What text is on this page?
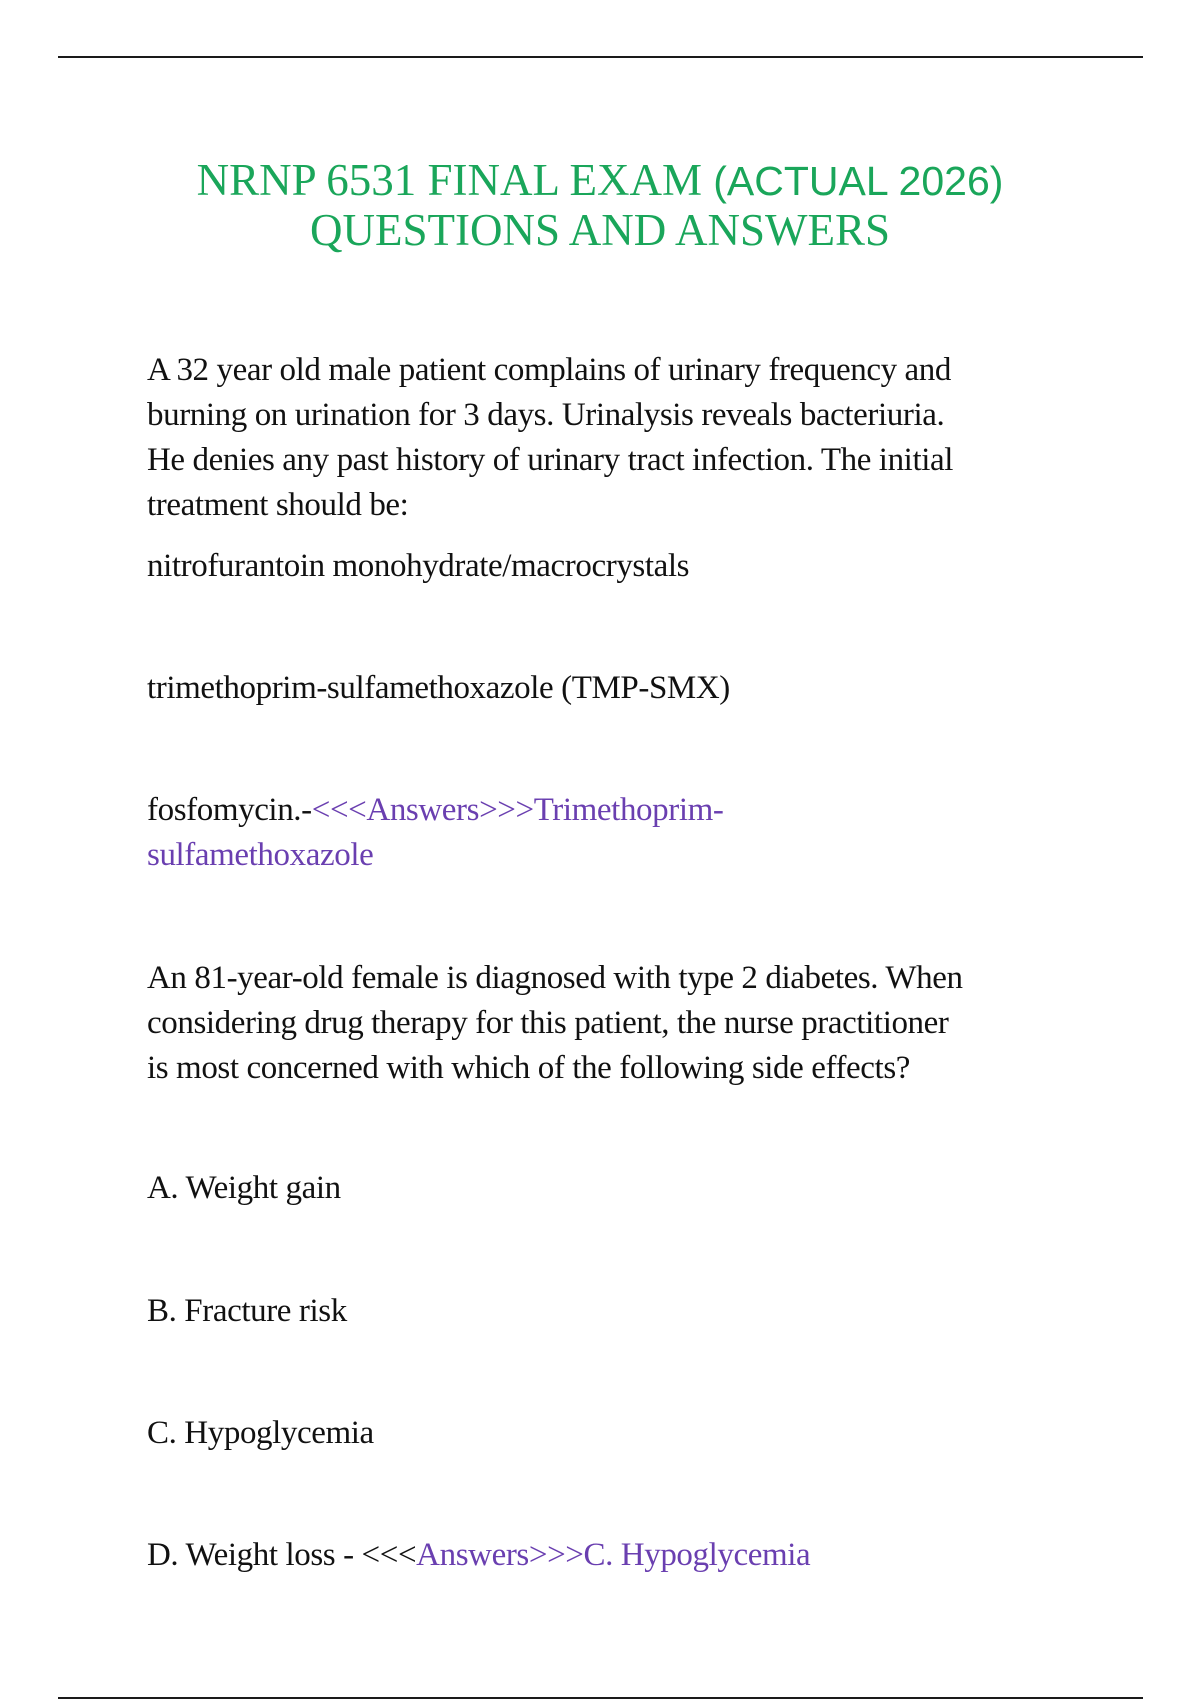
NRNP 6531 FINAL EXAM (ACTUAL 2026)
QUESTIONS AND ANSWERS
A 32 year old male patient complains of urinary frequency and
burning on urination for 3 days. Urinalysis reveals bacteriuria.
He denies any past history of urinary tract infection. The initial
treatment should be:
nitrofurantoin monohydrate/macrocrystals
trimethoprim-sulfamethoxazole (TMP-SMX)
fosfomycin.-<<<Answers>>>Trimethoprim-
sulfamethoxazole
An 81-year-old female is diagnosed with type 2 diabetes. When
considering drug therapy for this patient, the nurse practitioner
is most concerned with which of the following side effects?
A. Weight gain
B. Fracture risk
C. Hypoglycemia
D. Weight loss - <<<Answers>>>C. Hypoglycemia
